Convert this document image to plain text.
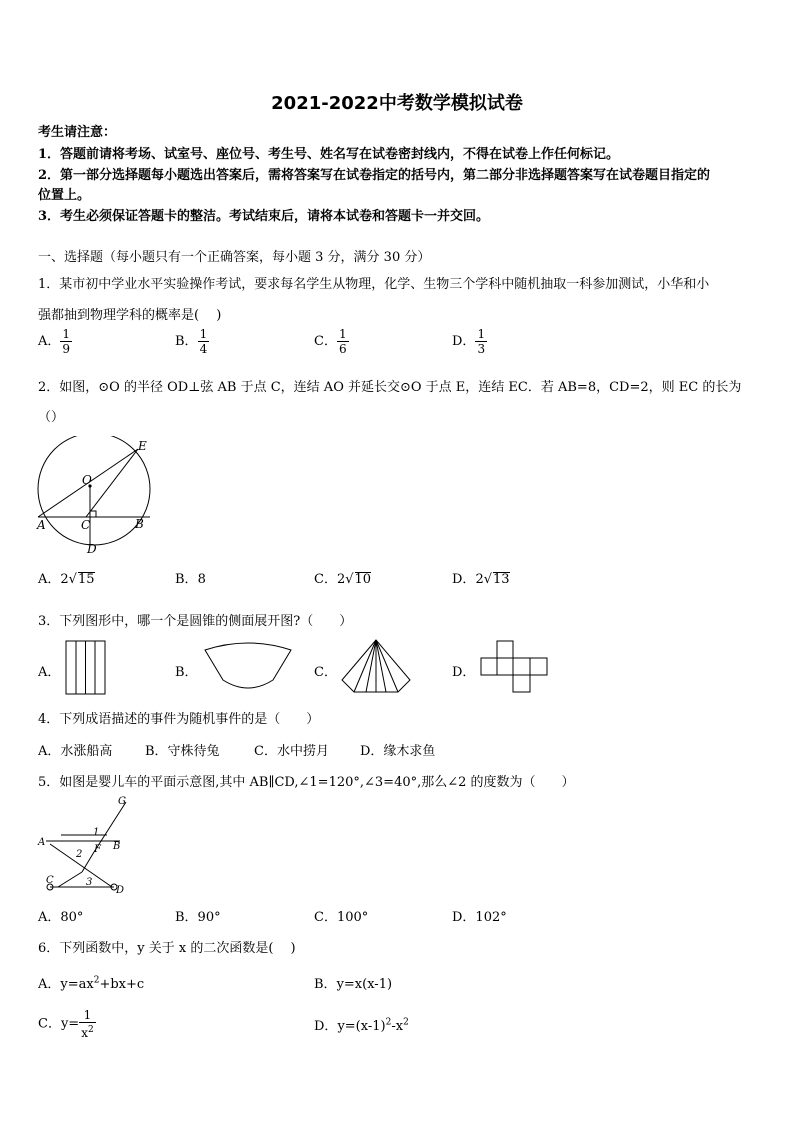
2021-2022中考数学模拟试卷
考生请注意：
1．答题前请将考场、试室号、座位号、考生号、姓名写在试卷密封线内，不得在试卷上作任何标记。
2．第一部分选择题每小题选出答案后，需将答案写在试卷指定的括号内，第二部分非选择题答案写在试卷题目指定的
位置上。
3．考生必须保证答题卡的整洁。考试结束后，请将本试卷和答题卡一并交回。
一、选择题（每小题只有一个正确答案，每小题 3 分，满分 30 分）
1．某市初中学业水平实验操作考试，要求每名学生从物理，化学、生物三个学科中随机抽取一科参加测试，小华和小
强都抽到物理学科的概率是(　 )
A． $\frac{1}{9}$	B． $\frac{1}{4}$	C． $\frac{1}{6}$	D． $\frac{1}{3}$
2．如图，⊙O 的半径 OD⊥弦 AB 于点 C，连结 AO 并延长交⊙O 于点 E，连结 EC．若 AB=8，CD=2，则 EC 的长为
（）
O
E
A	B
C
D
A．2√15	B．8	C．2√10	D．2√13
3．下列图形中，哪一个是圆锥的侧面展开图?（　　）
A．	B．	C．	D．
4．下列成语描述的事件为随机事件的是（　　）
A．水涨船高	B．守株待兔	C．水中捞月 D．缘木求鱼
5．如图是婴儿车的平面示意图,其中 AB∥CD,∠1=120°,∠3=40°,那么∠2 的度数为（　　）
G
A	B
F
C
D
1
2
3
A．80°	B．90°	C．100°	D．102°
6．下列函数中，y 关于 x 的二次函数是(　 )
A．$y=ax^2+bx+c$	B．y=x(x-1)
C．$y= \frac{1}{x^2}$	D．$y=(x-1)^2-x^2$
